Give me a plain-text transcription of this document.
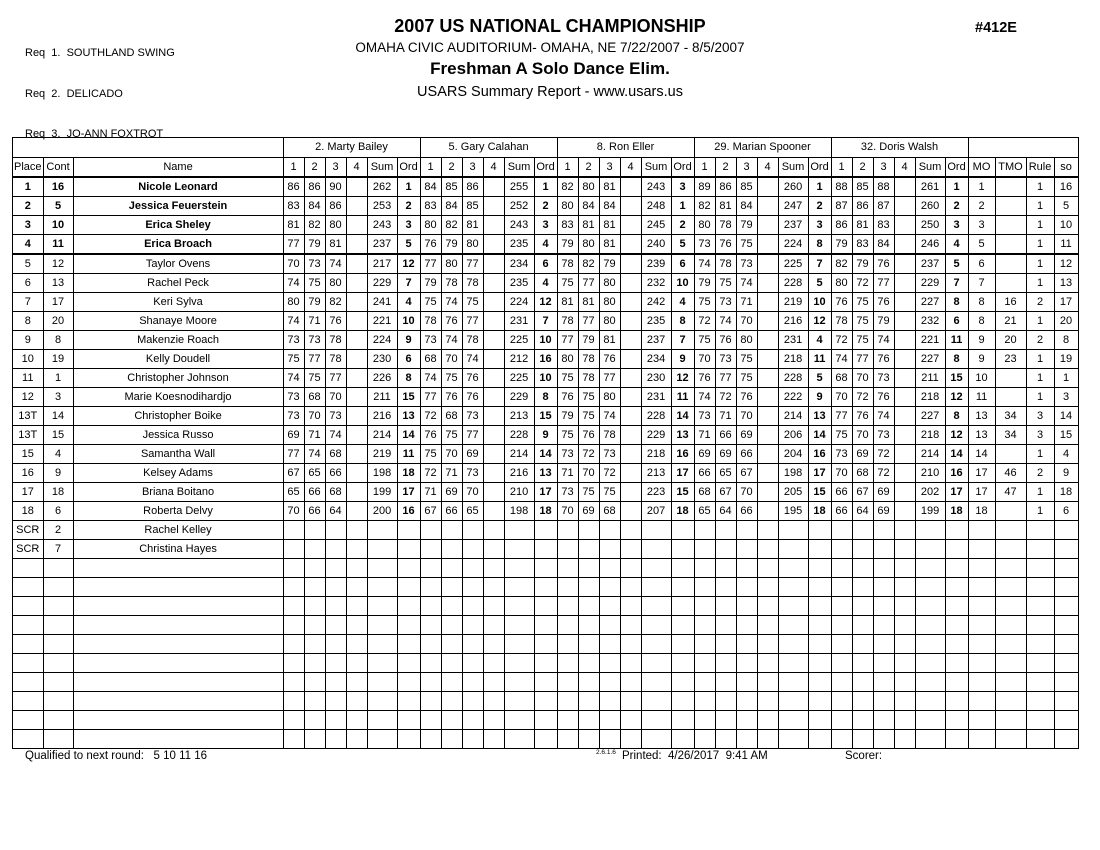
Req  1.  SOUTHLAND SWING

Req  2.  DELICADO

Req  3.  JO-ANN FOXTROT

2007 US NATIONAL CHAMPIONSHIP
OMAHA CIVIC AUDITORIUM- OMAHA, NE 7/22/2007 - 8/5/2007
Freshman A Solo Dance Elim.
USARS Summary Report - www.usars.us
#412E
			2. Marty Bailey						5. Gary Calahan						8. Ron Eller						29. Marian Spooner						32. Doris Walsh									
Place	Cont	Name	1	2	3	4	Sum	Ord	1	2	3	4	Sum	Ord	1	2	3	4	Sum	Ord	1	2	3	4	Sum	Ord	1	2	3	4	Sum	Ord	MO	TMO	Rule	so
1	16	Nicole Leonard	86	86	90		262	1	84	85	86		255	1	82	80	81		243	3	89	86	85		260	1	88	85	88		261	1	1		1	16
2	5	Jessica Feuerstein	83	84	86		253	2	83	84	85		252	2	80	84	84		248	1	82	81	84		247	2	87	86	87		260	2	2		1	5
3	10	Erica Sheley	81	82	80		243	3	80	82	81		243	3	83	81	81		245	2	80	78	79		237	3	86	81	83		250	3	3		1	10
4	11	Erica Broach	77	79	81		237	5	76	79	80		235	4	79	80	81		240	5	73	76	75		224	8	79	83	84		246	4	5		1	11
5	12	Taylor Ovens	70	73	74		217	12	77	80	77		234	6	78	82	79		239	6	74	78	73		225	7	82	79	76		237	5	6		1	12
6	13	Rachel Peck	74	75	80		229	7	79	78	78		235	4	75	77	80		232	10	79	75	74		228	5	80	72	77		229	7	7		1	13
7	17	Keri Sylva	80	79	82		241	4	75	74	75		224	12	81	81	80		242	4	75	73	71		219	10	76	75	76		227	8	8	16	2	17
8	20	Shanaye Moore	74	71	76		221	10	78	76	77		231	7	78	77	80		235	8	72	74	70		216	12	78	75	79		232	6	8	21	1	20
9	8	Makenzie Roach	73	73	78		224	9	73	74	78		225	10	77	79	81		237	7	75	76	80		231	4	72	75	74		221	11	9	20	2	8
10	19	Kelly Doudell	75	77	78		230	6	68	70	74		212	16	80	78	76		234	9	70	73	75		218	11	74	77	76		227	8	9	23	1	19
11	1	Christopher Johnson	74	75	77		226	8	74	75	76		225	10	75	78	77		230	12	76	77	75		228	5	68	70	73		211	15	10		1	1
12	3	Marie Koesnodihardjo	73	68	70		211	15	77	76	76		229	8	76	75	80		231	11	74	72	76		222	9	70	72	76		218	12	11		1	3
13T	14	Christopher Boike	73	70	73		216	13	72	68	73		213	15	79	75	74		228	14	73	71	70		214	13	77	76	74		227	8	13	34	3	14
13T	15	Jessica Russo	69	71	74		214	14	76	75	77		228	9	75	76	78		229	13	71	66	69		206	14	75	70	73		218	12	13	34	3	15
15	4	Samantha Wall	77	74	68		219	11	75	70	69		214	14	73	72	73		218	16	69	69	66		204	16	73	69	72		214	14	14		1	4
16	9	Kelsey Adams	67	65	66		198	18	72	71	73		216	13	71	70	72		213	17	66	65	67		198	17	70	68	72		210	16	17	46	2	9
17	18	Briana Boitano	65	66	68		199	17	71	69	70		210	17	73	75	75		223	15	68	67	70		205	15	66	67	69		202	17	17	47	1	18
18	6	Roberta Delvy	70	66	64		200	16	67	66	65		198	18	70	69	68		207	18	65	64	66		195	18	66	64	69		199	18	18		1	6
SCR	2	Rachel Kelley																																		
SCR	7	Christina Hayes																																		

Qualified to next round:   5 10 11 16	2.6.1.6 Printed:  4/26/2017  9:41 AM	Scorer:
